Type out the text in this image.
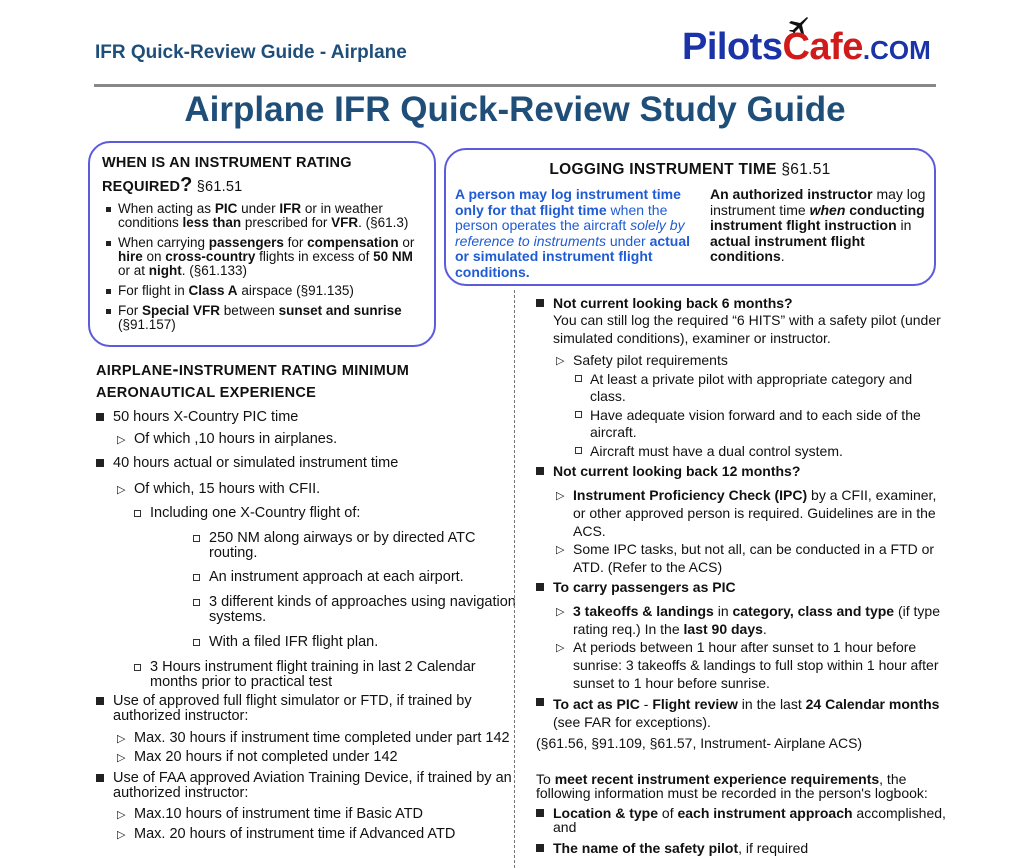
IFR Quick-Review Guide - Airplane	PilotsCafe.COM
Airplane IFR Quick-Review Study Guide
WHEN IS AN INSTRUMENT RATING
REQUIRED? §61.51
When acting as PIC under IFR or in weather conditions less than prescribed for VFR. (§61.3)
When carrying passengers for compensation or hire on cross-country flights in excess of 50 NM or at night. (§61.133)
For flight in Class A airspace (§91.135)
For Special VFR between sunset and sunrise (§91.157)
LOGGING INSTRUMENT TIME §61.51
A person may log instrument time only for that flight time when the person operates the aircraft solely by reference to instruments under actual or simulated instrument flight conditions.
An authorized instructor may log instrument time when conducting instrument flight instruction in actual instrument flight conditions.
AIRPLANE-INSTRUMENT RATING MINIMUM AERONAUTICAL EXPERIENCE
50 hours X-Country PIC time
▷ Of which ,10 hours in airplanes.
40 hours actual or simulated instrument time
▷ Of which, 15 hours with CFII.
Including one X-Country flight of:
250 NM along airways or by directed ATC routing.
An instrument approach at each airport.
3 different kinds of approaches using navigation systems.
With a filed IFR flight plan.
3 Hours instrument flight training in last 2 Calendar months prior to practical test
Use of approved full flight simulator or FTD, if trained by authorized instructor:
▷ Max. 30 hours if instrument time completed under part 142
▷ Max 20 hours if not completed under 142
Use of FAA approved Aviation Training Device, if trained by an authorized instructor:
▷ Max.10 hours of instrument time if Basic ATD
▷ Max. 20 hours of instrument time if Advanced ATD
Not current looking back 6 months?
You can still log the required “6 HITS” with a safety pilot (under simulated conditions), examiner or instructor.
▷ Safety pilot requirements
At least a private pilot with appropriate category and class.
Have adequate vision forward and to each side of the aircraft.
Aircraft must have a dual control system.
Not current looking back 12 months?
▷ Instrument Proficiency Check (IPC) by a CFII, examiner, or other approved person is required. Guidelines are in the ACS.
▷ Some IPC tasks, but not all, can be conducted in a FTD or ATD. (Refer to the ACS)
To carry passengers as PIC
▷ 3 takeoffs & landings in category, class and type (if type rating req.) In the last 90 days.
▷ At periods between 1 hour after sunset to 1 hour before sunrise: 3 takeoffs & landings to full stop within 1 hour after sunset to 1 hour before sunrise.
To act as PIC - Flight review in the last 24 Calendar months (see FAR for exceptions).
(§61.56, §91.109, §61.57, Instrument- Airplane ACS)
To meet recent instrument experience requirements, the following information must be recorded in the person's logbook:
Location & type of each instrument approach accomplished, and
The name of the safety pilot, if required
